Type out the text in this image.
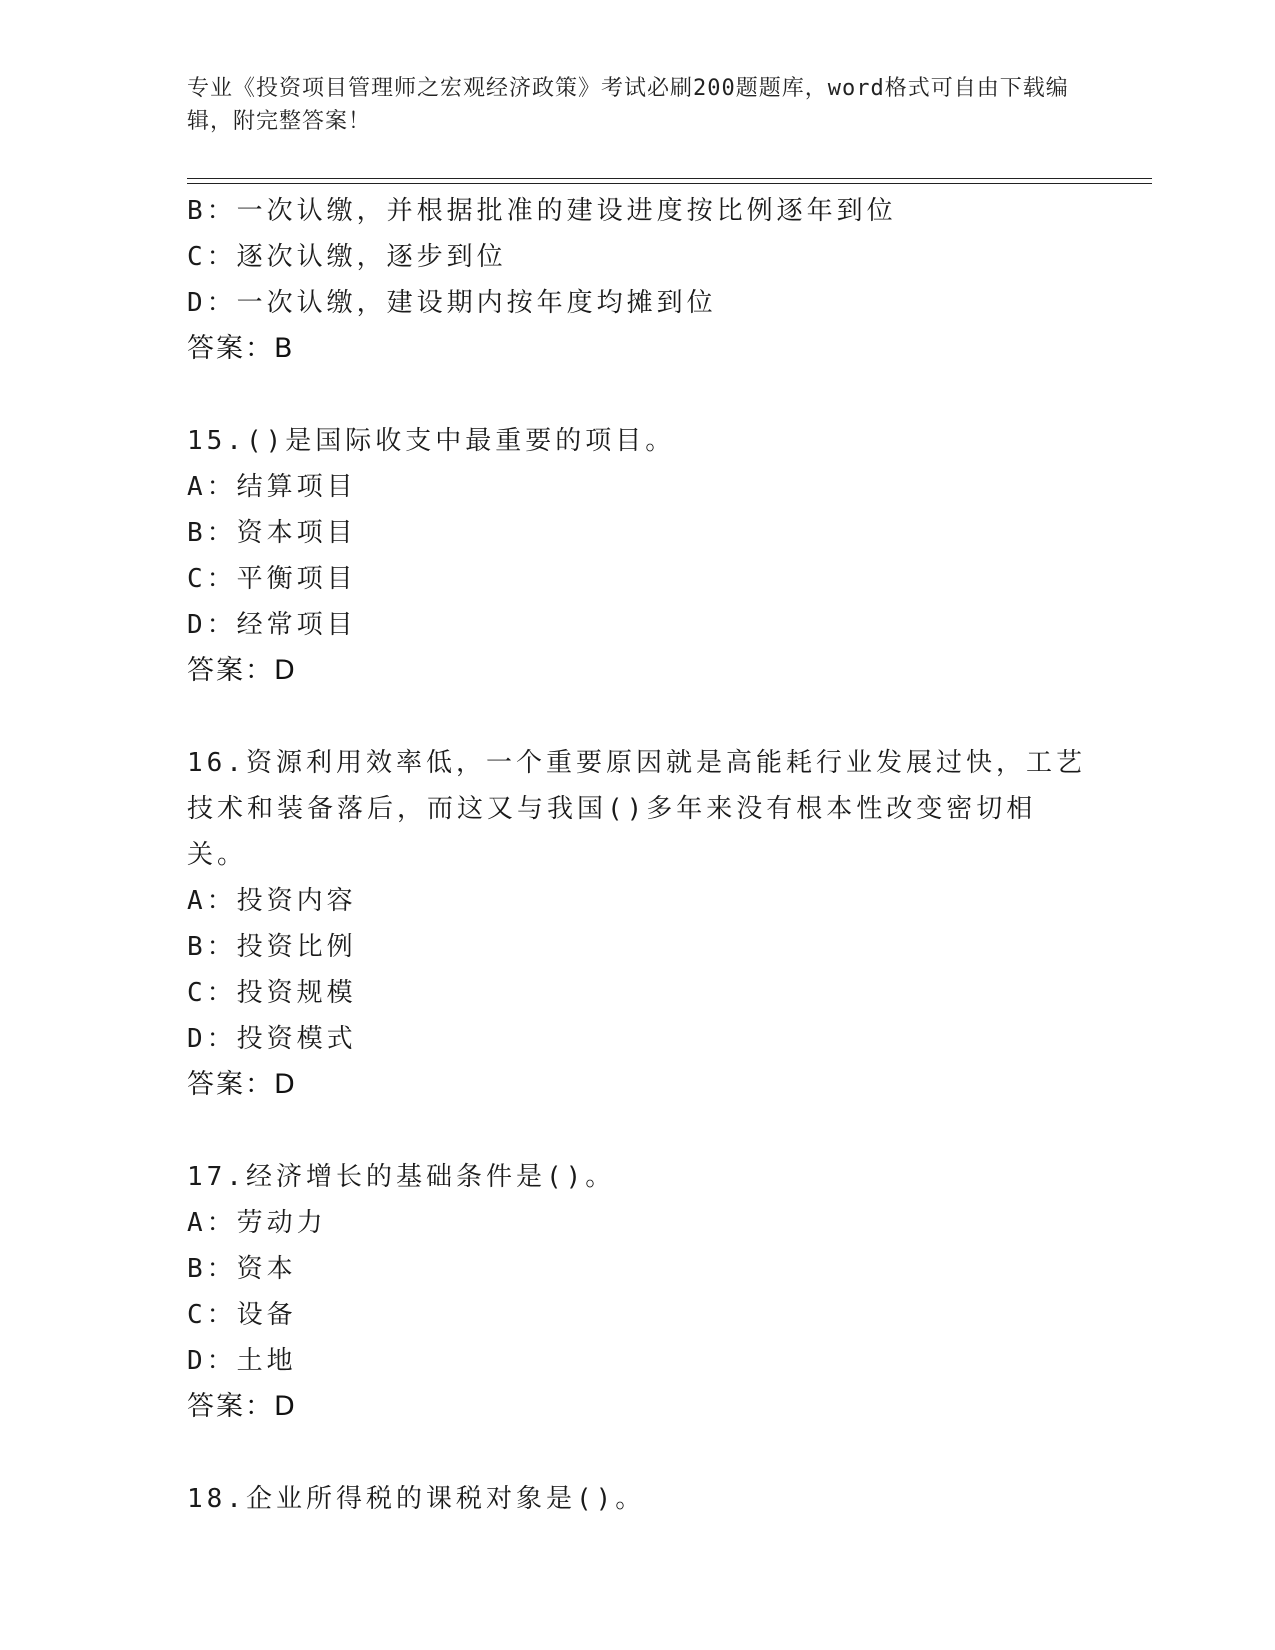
专业《投资项目管理师之宏观经济政策》考试必刷200题题库，word格式可自由下载编辑，附完整答案！
B：一次认缴，并根据批准的建设进度按比例逐年到位
C：逐次认缴，逐步到位
D：一次认缴，建设期内按年度均摊到位
答案：B
15.()是国际收支中最重要的项目。
A：结算项目
B：资本项目
C：平衡项目
D：经常项目
答案：D
16.资源利用效率低，一个重要原因就是高能耗行业发展过快，工艺技术和装备落后，而这又与我国()多年来没有根本性改变密切相关。
A：投资内容
B：投资比例
C：投资规模
D：投资模式
答案：D
17.经济增长的基础条件是()。
A：劳动力
B：资本
C：设备
D：土地
答案：D
18.企业所得税的课税对象是()。
